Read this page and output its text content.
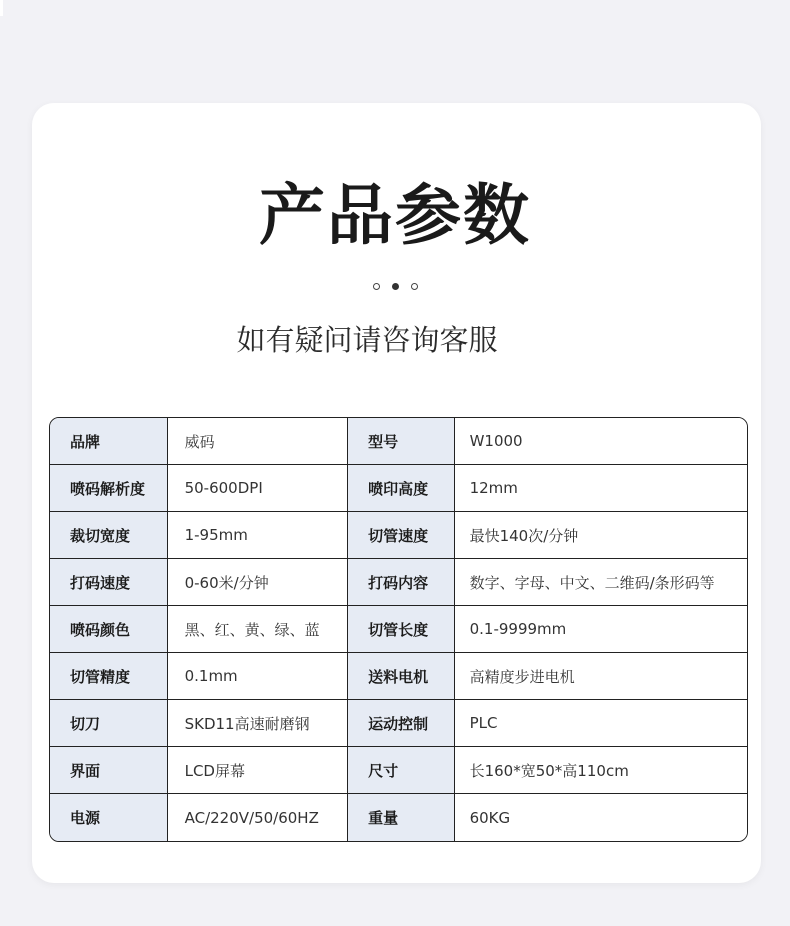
产品参数
如有疑问请咨询客服
品牌	威码	型号	W1000
喷码解析度	50-600DPI	喷印高度	12mm
裁切宽度	1-95mm	切管速度	最快140次/分钟
打码速度	0-60米/分钟	打码内容	数字、字母、中文、二维码/条形码等
喷码颜色	黑、红、黄、绿、蓝	切管长度	0.1-9999mm
切管精度	0.1mm	送料电机	高精度步进电机
切刀	SKD11高速耐磨钢	运动控制	PLC
界面	LCD屏幕	尺寸	长160*宽50*高110cm
电源	AC/220V/50/60HZ	重量	60KG
